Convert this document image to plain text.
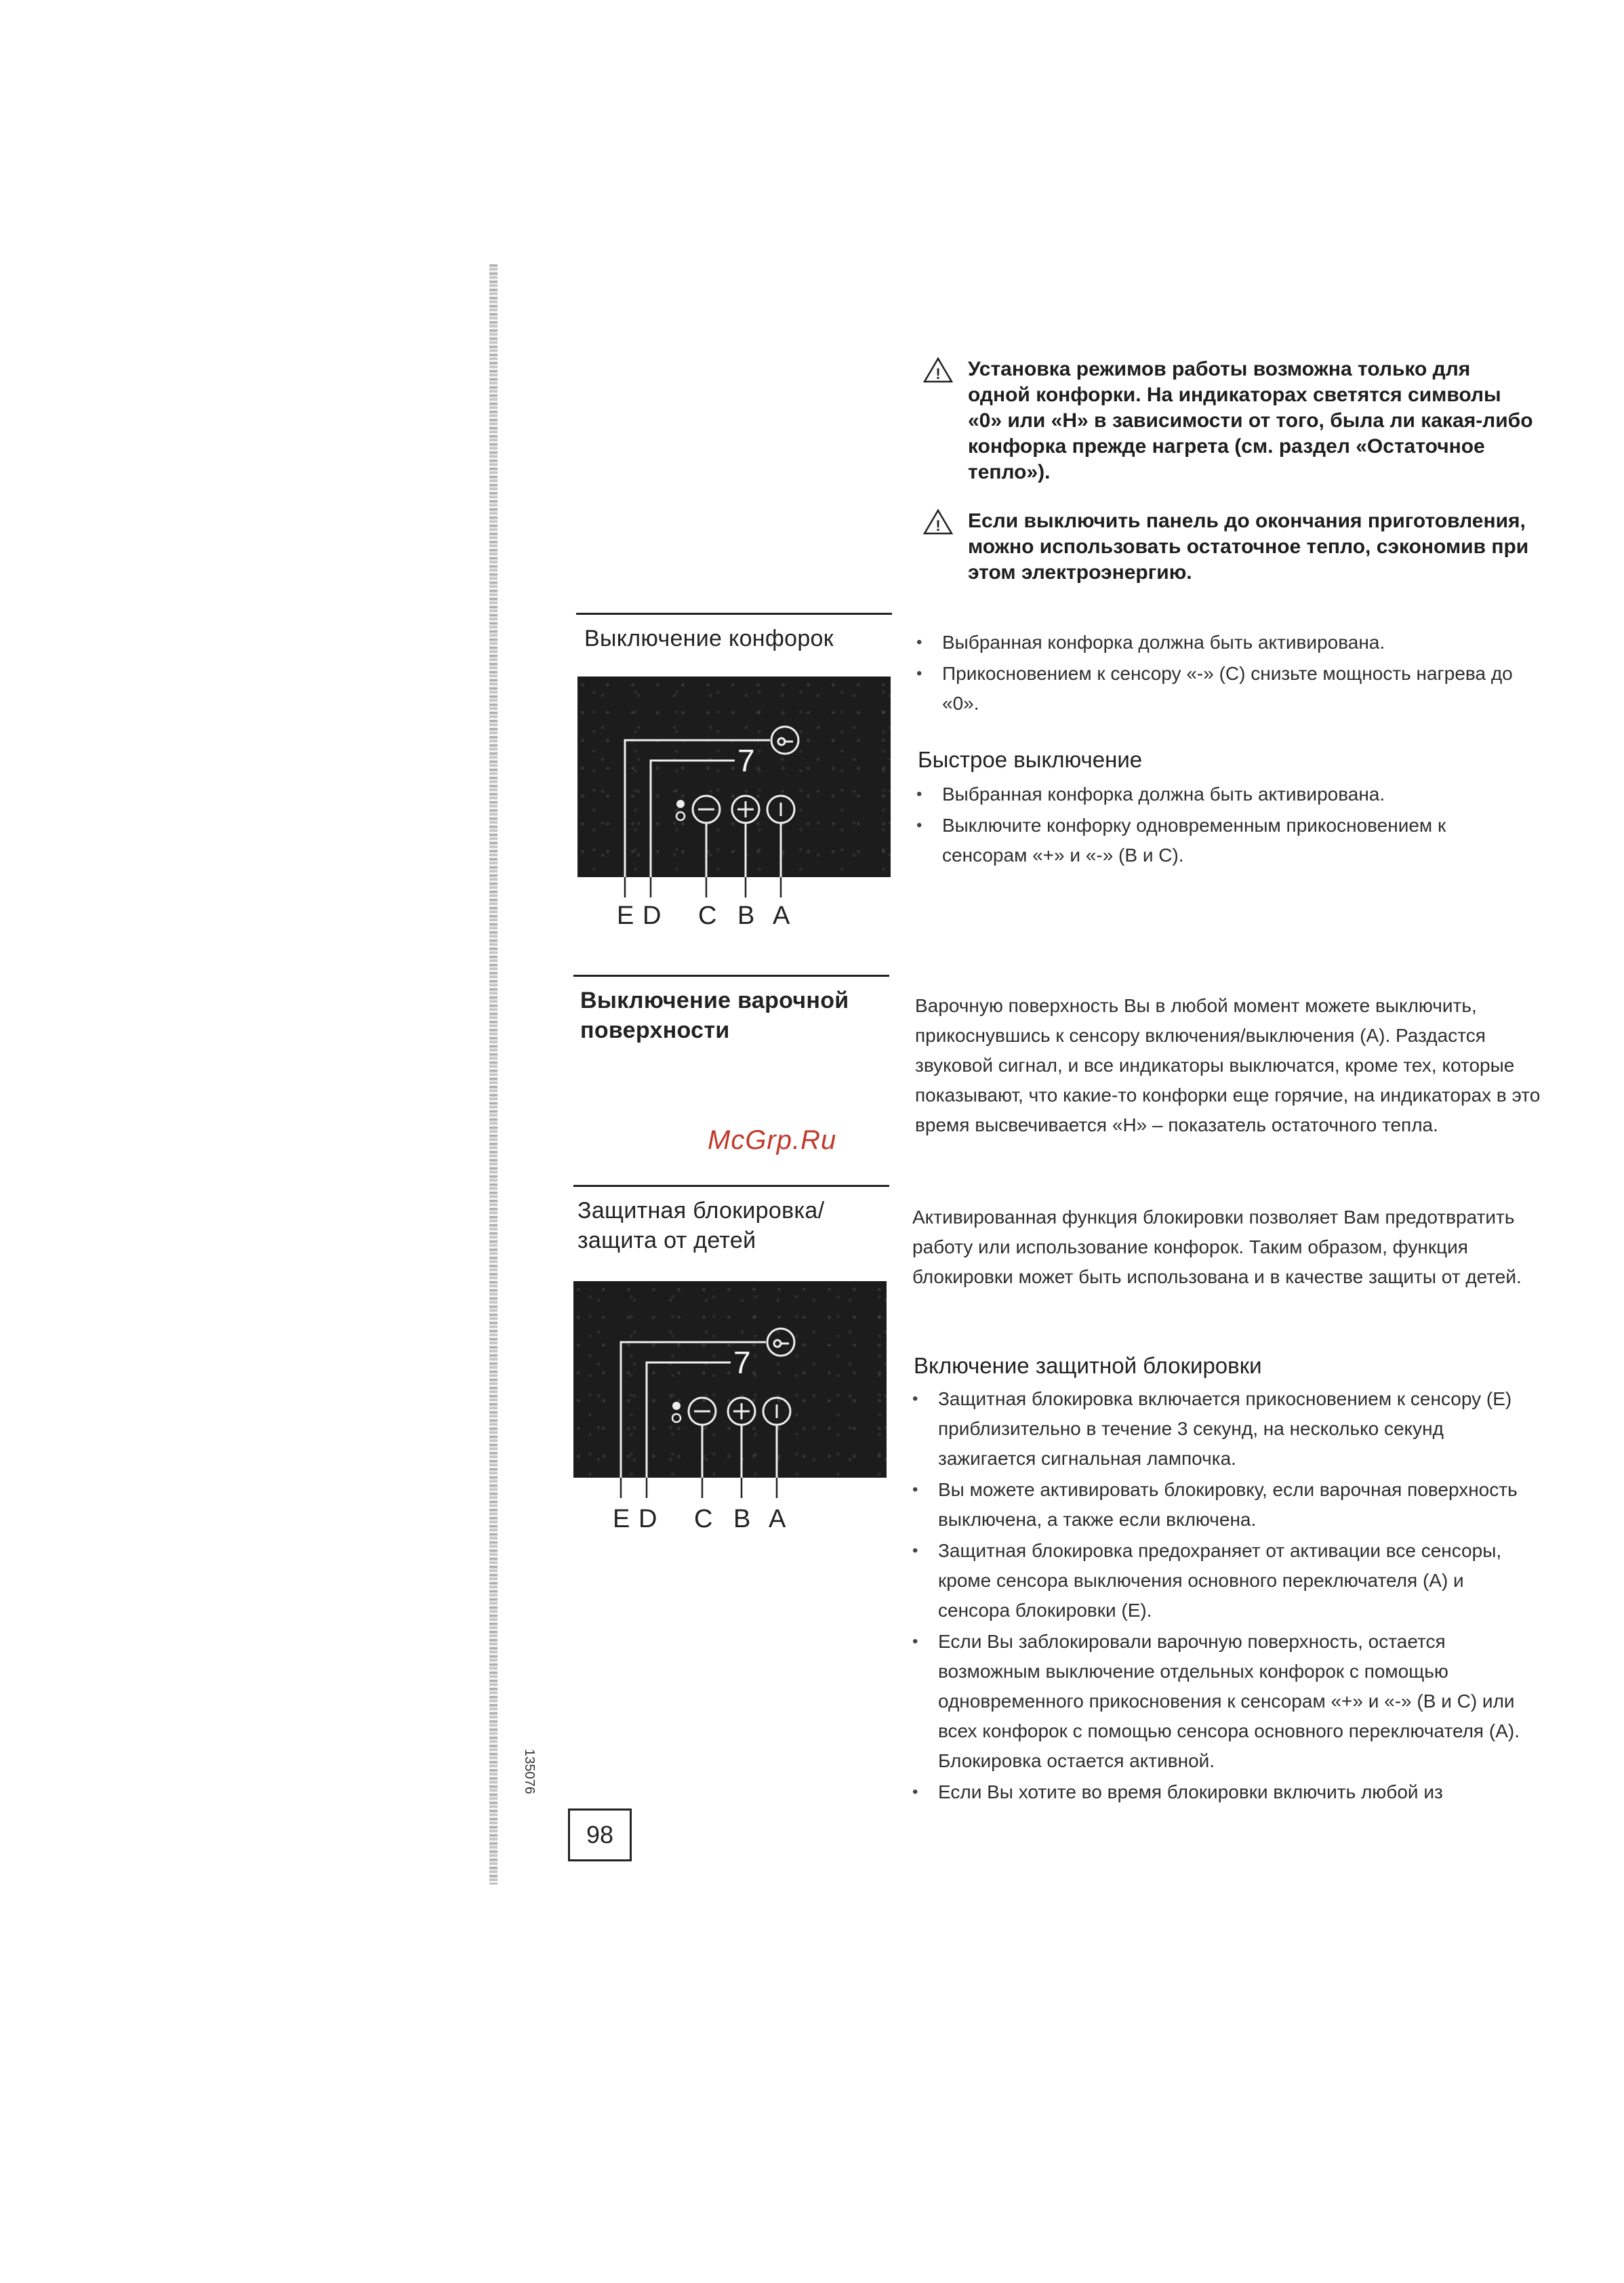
!	Установка режимов работы возможна только для одной конфорки. На индикаторах светятся символы «0» или «Н» в зависимости от того, была ли какая-либо конфорка прежде нагрета (см. раздел «Остаточное тепло»).

!	Если выключить панель до окончания приготовления, можно использовать остаточное тепло, сэкономив при этом электроэнергию.

Выключение конфорок
7
E D C B A
• Выбранная конфорка должна быть активирована.
• Прикосновением к сенсору «-» (С) снизьте мощность нагрева до «0».
Быстрое выключение
• Выбранная конфорка должна быть активирована.
• Выключите конфорку одновременным прикосновением к сенсорам «+» и «-» (В и С).
Выключение варочной
поверхности

Варочную поверхность Вы в любой момент можете выключить, прикоснувшись к сенсору включения/выключения (А). Раздастся звуковой сигнал, и все индикаторы выключатся, кроме тех, которые показывают, что какие-то конфорки еще горячие, на индикаторах в это время высвечивается «Н» – показатель остаточного тепла.

McGrp.Ru
Защитная блокировка/
защита от детей
7
E D C B A

Активированная функция блокировки позволяет Вам предотвратить работу или использование конфорок. Таким образом, функция блокировки может быть использована и в качестве защиты от детей.

Включение защитной блокировки
• Защитная блокировка включается прикосновением к сенсору (Е) приблизительно в течение 3 секунд, на несколько секунд зажигается сигнальная лампочка.
• Вы можете активировать блокировку, если варочная поверхность выключена, а также если включена.
• Защитная блокировка предохраняет от активации все сенсоры, кроме сенсора выключения основного переключателя (А) и сенсора блокировки (Е).
• Если Вы заблокировали варочную поверхность, остается возможным выключение отдельных конфорок с помощью одновременного прикосновения к сенсорам «+» и «-» (В и С) или всех конфорок с помощью сенсора основного переключателя (А). Блокировка остается активной.
• Если Вы хотите во время блокировки включить любой из
135076
98
